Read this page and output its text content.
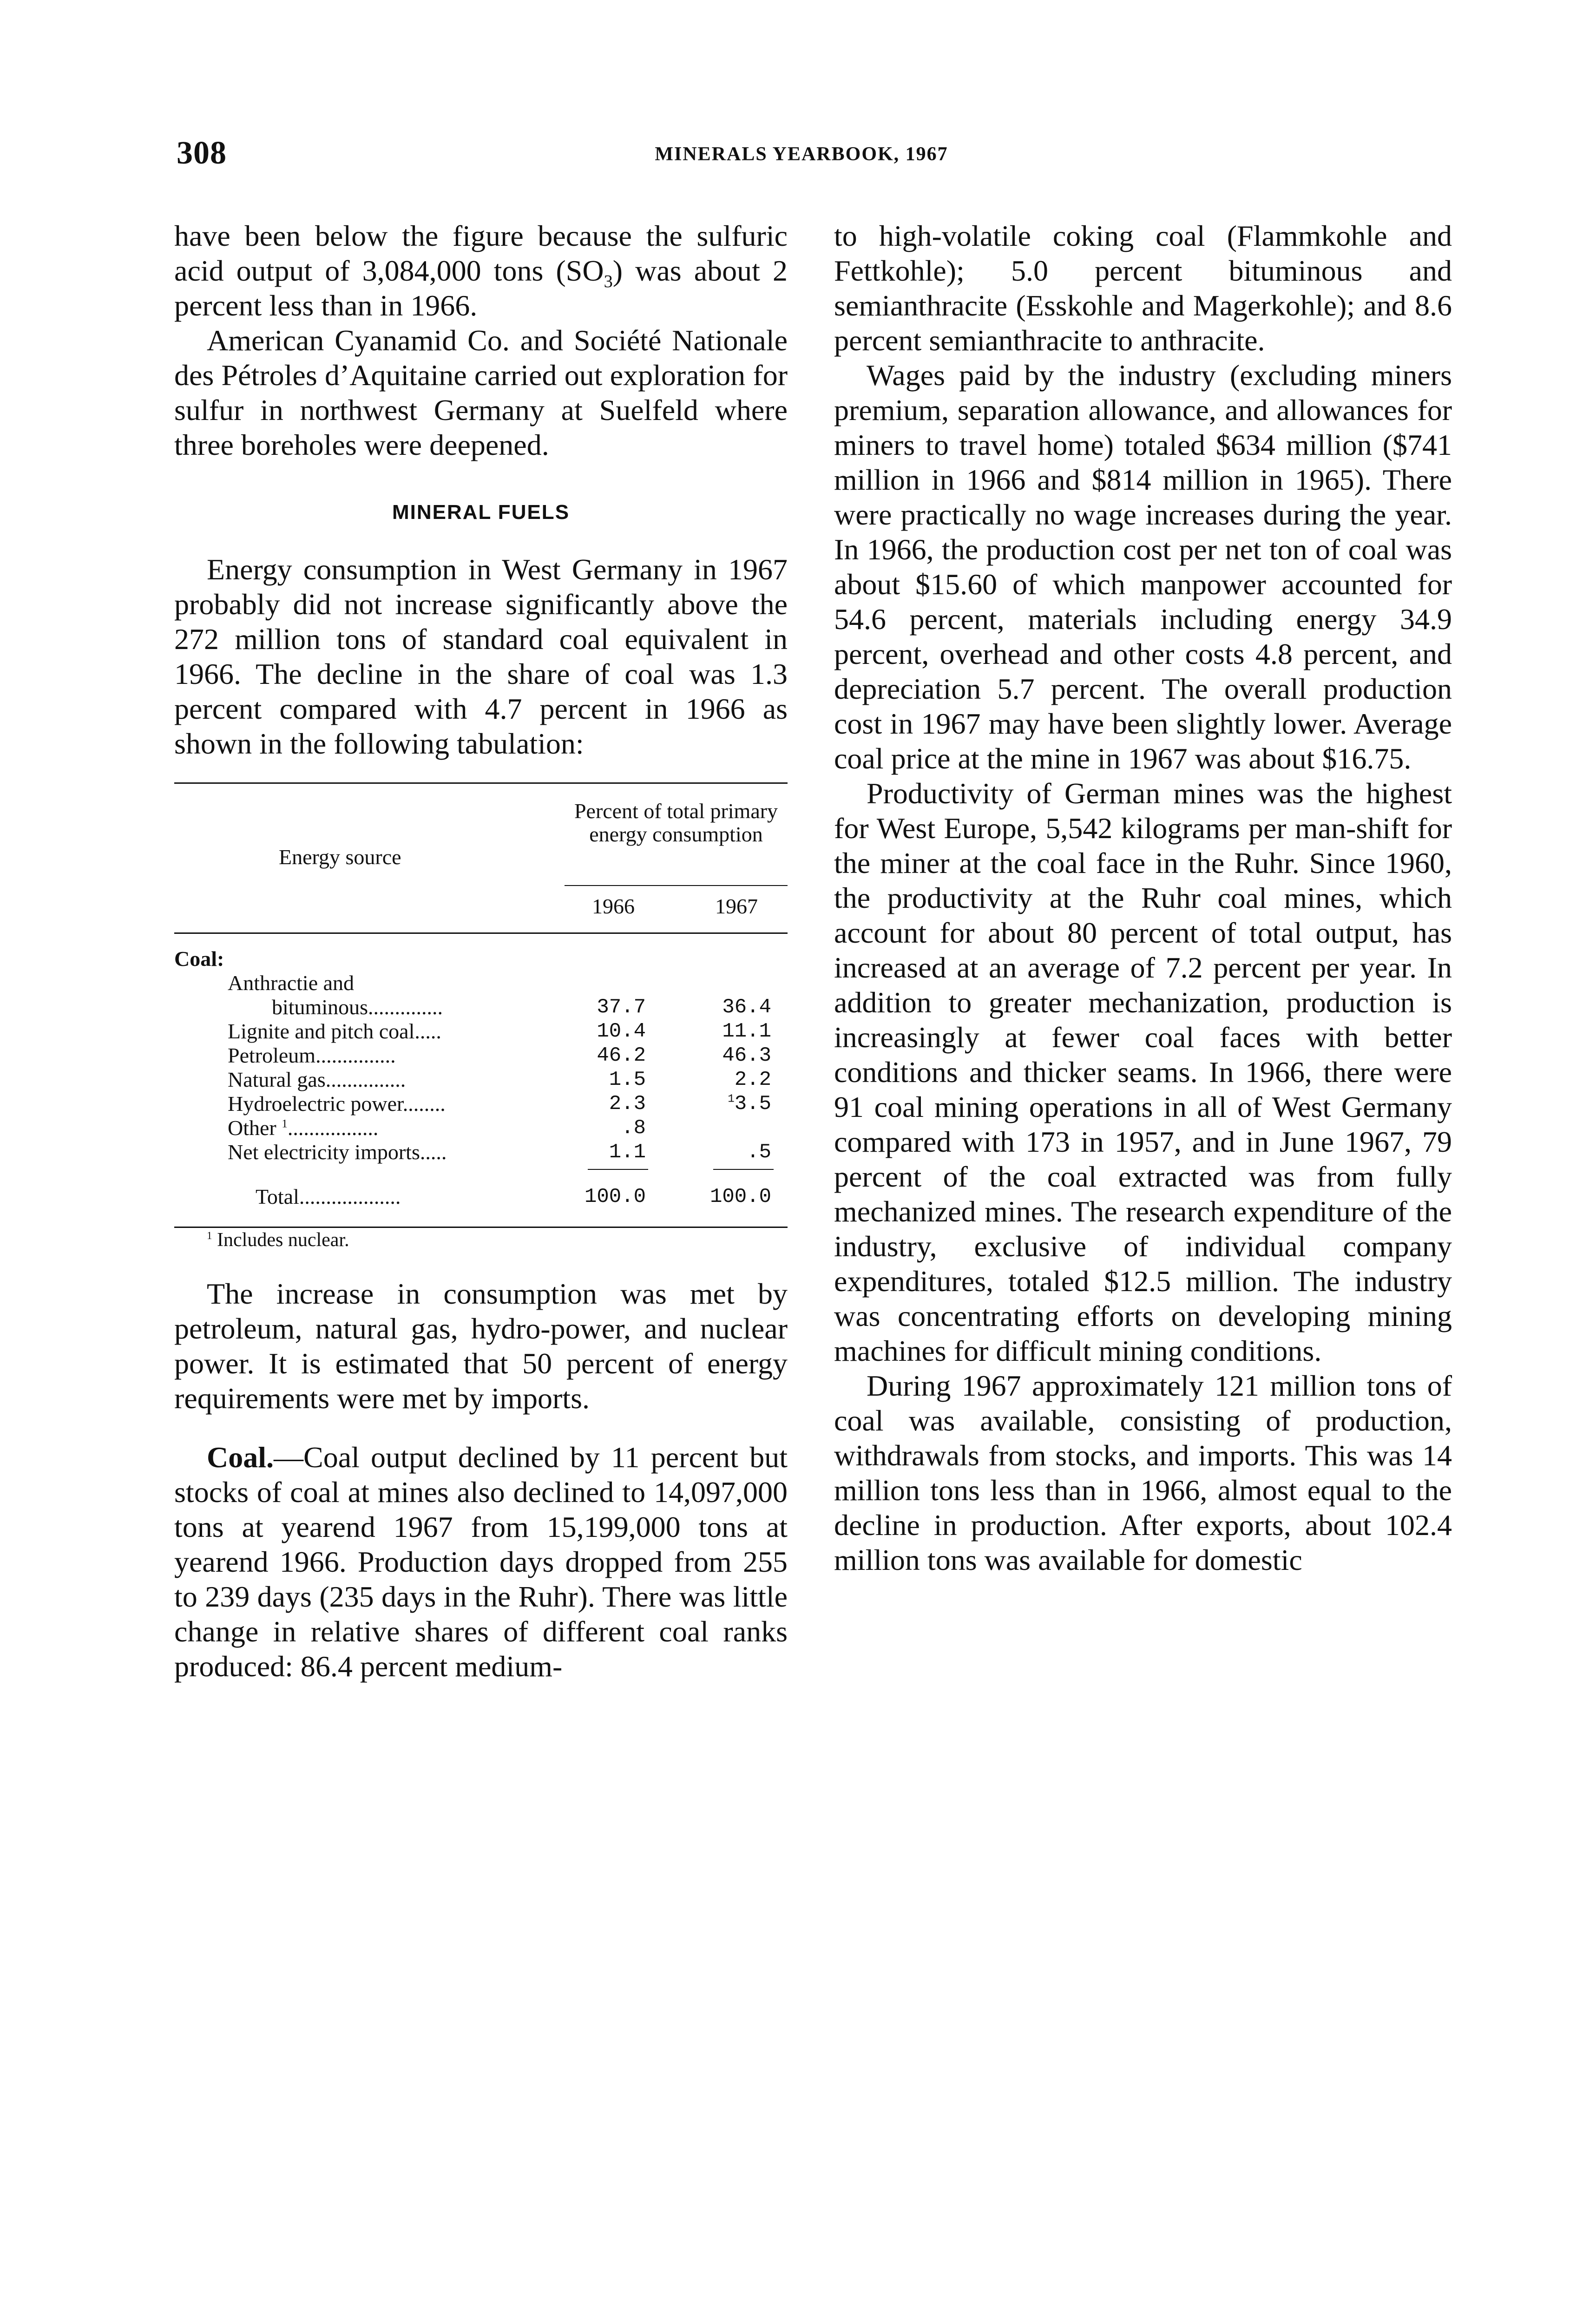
308	MINERALS YEARBOOK, 1967

have been below the figure because the sulfuric acid output of 3,084,000 tons $(SO_3)$ was about 2 percent less than in 1966.

American Cyanamid Co. and Société Nationale des Pétroles d’Aquitaine carried out exploration for sulfur in northwest Germany at Suelfeld where three boreholes were deepened.

MINERAL FUELS

Energy consumption in West Germany in 1967 probably did not increase significantly above the 272 million tons of standard coal equivalent in 1966. The decline in the share of coal was 1.3 percent compared with 4.7 percent in 1966 as shown in the following tabulation:

Energy source
Percent of total primary energy consumption
1966	1967
Coal:
Anthractie and
bituminous..............	37.7	36.4
Lignite and pitch coal.....	10.4	11.1
Petroleum...............	46.2	46.3
Natural gas...............	1.5	2.2
Hydroelectric power........	2.3	$^1$3.5
Other $^1$.................	.8
Net electricity imports.....	1.1	.5
Total...................	100.0	100.0

$^1$ Includes nuclear.

The increase in consumption was met by petroleum, natural gas, hydro-power, and nuclear power. It is estimated that 50 percent of energy requirements were met by imports.

Coal.—Coal output declined by 11 percent but stocks of coal at mines also declined to 14,097,000 tons at yearend 1967 from 15,199,000 tons at yearend 1966. Production days dropped from 255 to 239 days (235 days in the Ruhr). There was little change in relative shares of different coal ranks produced: 86.4 percent medium-

to high-volatile coking coal (Flammkohle and Fettkohle); 5.0 percent bituminous and semianthracite (Esskohle and Magerkohle); and 8.6 percent semianthracite to anthracite.

Wages paid by the industry (excluding miners premium, separation allowance, and allowances for miners to travel home) totaled $634 million ($741 million in 1966 and $814 million in 1965). There were practically no wage increases during the year. In 1966, the production cost per net ton of coal was about $15.60 of which manpower accounted for 54.6 percent, materials including energy 34.9 percent, overhead and other costs 4.8 percent, and depreciation 5.7 percent. The overall production cost in 1967 may have been slightly lower. Average coal price at the mine in 1967 was about $16.75.

Productivity of German mines was the highest for West Europe, 5,542 kilograms per man-shift for the miner at the coal face in the Ruhr. Since 1960, the productivity at the Ruhr coal mines, which account for about 80 percent of total output, has increased at an average of 7.2 percent per year. In addition to greater mechanization, production is increasingly at fewer coal faces with better conditions and thicker seams. In 1966, there were 91 coal mining operations in all of West Germany compared with 173 in 1957, and in June 1967, 79 percent of the coal extracted was from fully mechanized mines. The research expenditure of the industry, exclusive of individual company expenditures, totaled $12.5 million. The industry was concentrating efforts on developing mining machines for difficult mining conditions.

During 1967 approximately 121 million tons of coal was available, consisting of production, withdrawals from stocks, and imports. This was 14 million tons less than in 1966, almost equal to the decline in production. After exports, about 102.4 million tons was available for domestic
